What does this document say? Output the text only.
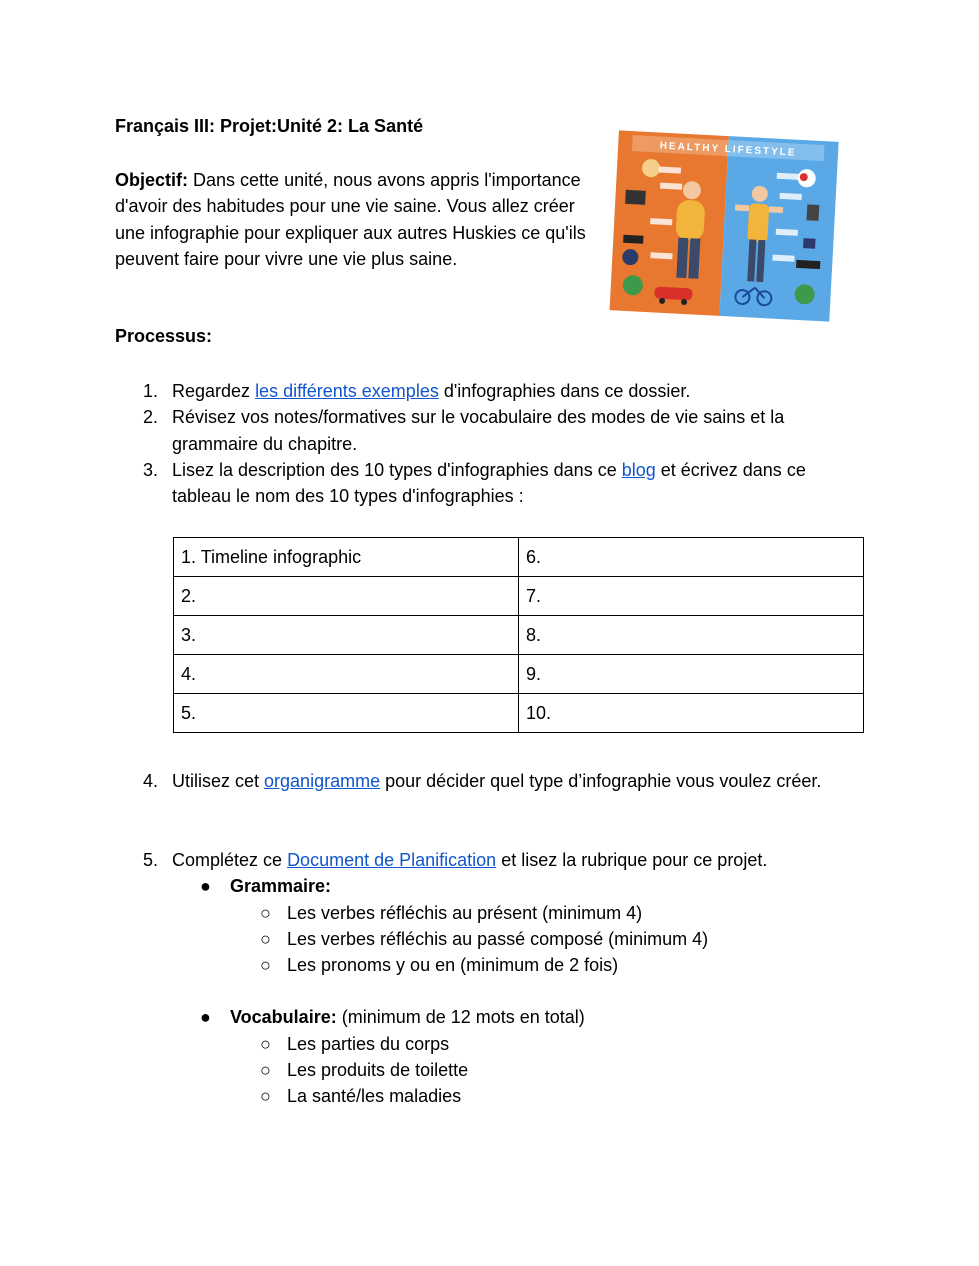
Français III: Projet:Unité 2: La Santé
Objectif: Dans cette unité, nous avons appris l'importance d'avoir des habitudes pour une vie saine. Vous allez créer une infographie pour expliquer aux autres Huskies ce qu'ils peuvent faire pour vivre une vie plus saine.
HEALTHY LIFESTYLE
Processus:
1. Regardez les différents exemples d'infographies dans ce dossier.
2. Révisez vos notes/formatives sur le vocabulaire des modes de vie sains et la grammaire du chapitre.
3. Lisez la description des 10 types d'infographies dans ce blog et écrivez dans ce tableau le nom des 10 types d'infographies :
1. Timeline infographic	6.
2.	7.
3.	8.
4.	9.
5.	10.
4. Utilisez cet organigramme pour décider quel type d’infographie vous voulez créer.
5. Complétez ce Document de Planification et lisez la rubrique pour ce projet.
● Grammaire:
○ Les verbes réfléchis au présent (minimum 4)
○ Les verbes réfléchis au passé composé (minimum 4)
○ Les pronoms y ou en (minimum de 2 fois)
● Vocabulaire: (minimum de 12 mots en total)
○ Les parties du corps
○ Les produits de toilette
○ La santé/les maladies
